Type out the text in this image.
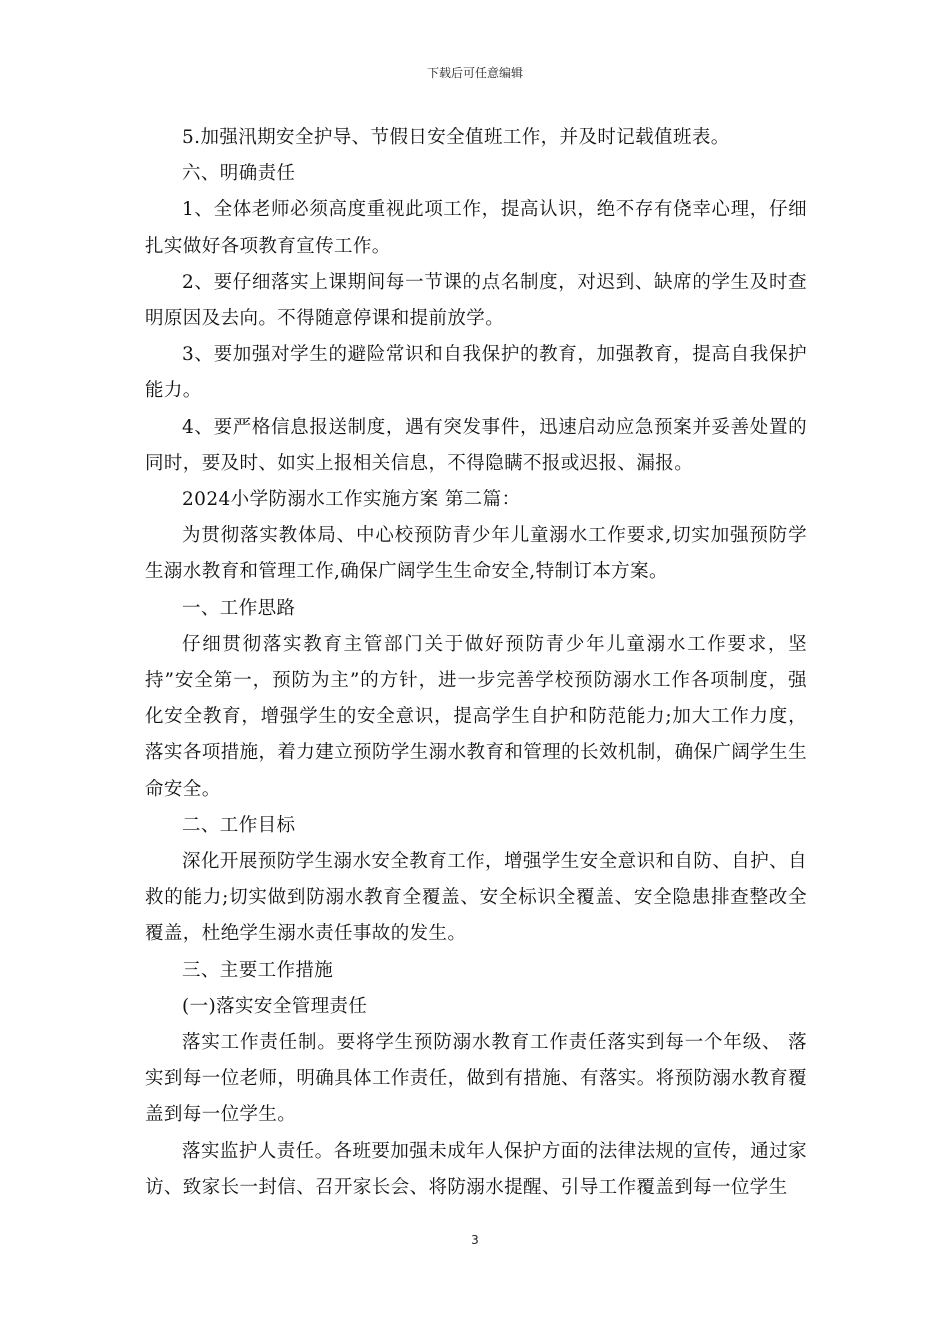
下载后可任意编辑

5.加强汛期安全护导、节假日安全值班工作，并及时记载值班表。

六、明确责任

1、全体老师必须高度重视此项工作，提高认识，绝不存有侥幸心理，仔细扎实做好各项教育宣传工作。

2、要仔细落实上课期间每一节课的点名制度，对迟到、缺席的学生及时查明原因及去向。不得随意停课和提前放学。

3、要加强对学生的避险常识和自我保护的教育，加强教育，提高自我保护能力。

4、要严格信息报送制度，遇有突发事件，迅速启动应急预案并妥善处置的同时，要及时、如实上报相关信息，不得隐瞒不报或迟报、漏报。

2024小学防溺水工作实施方案 第二篇：

为贯彻落实教体局、中心校预防青少年儿童溺水工作要求,切实加强预防学生溺水教育和管理工作,确保广阔学生生命安全,特制订本方案。

一、工作思路

仔细贯彻落实教育主管部门关于做好预防青少年儿童溺水工作要求，坚持”安全第一，预防为主”的方针，进一步完善学校预防溺水工作各项制度，强化安全教育，增强学生的安全意识，提高学生自护和防范能力;加大工作力度，落实各项措施，着力建立预防学生溺水教育和管理的长效机制，确保广阔学生生命安全。

二、工作目标

深化开展预防学生溺水安全教育工作，增强学生安全意识和自防、自护、自救的能力;切实做到防溺水教育全覆盖、安全标识全覆盖、安全隐患排查整改全覆盖，杜绝学生溺水责任事故的发生。

三、主要工作措施

(一)落实安全管理责任

落实工作责任制。要将学生预防溺水教育工作责任落实到每一个年级、 落实到每一位老师，明确具体工作责任，做到有措施、有落实。将预防溺水教育覆盖到每一位学生。

落实监护人责任。各班要加强未成年人保护方面的法律法规的宣传，通过家访、致家长一封信、召开家长会、将防溺水提醒、引导工作覆盖到每一位学生

3
